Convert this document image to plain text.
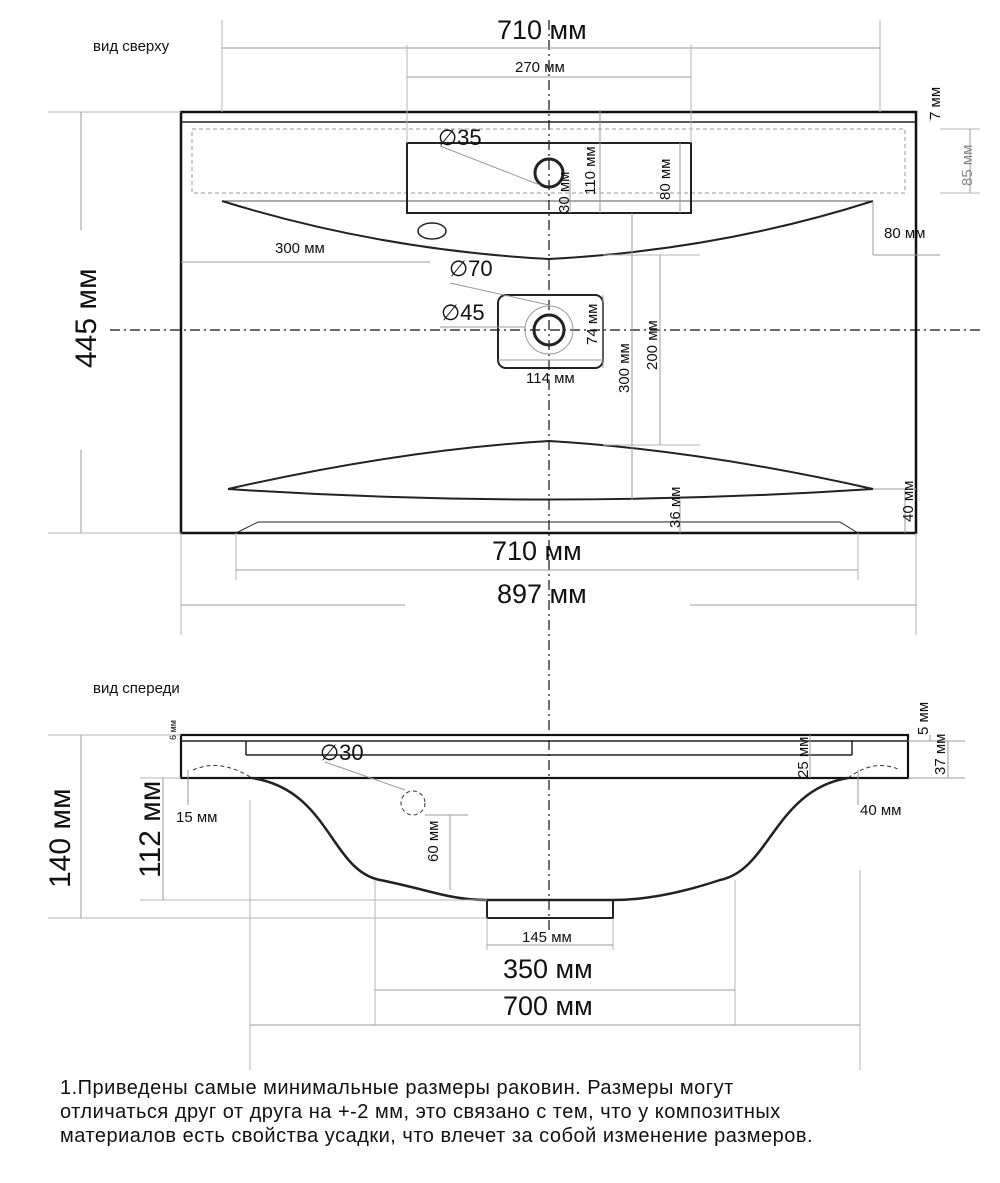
вид сверху
710 мм
270 мм
7 мм
85 мм
110 мм	80 мм
30 мм
80 мм
300 мм
∅35
∅70
∅45	74 мм
114 мм	300 мм 200 мм
445 мм
36 мм	40 мм
710 мм
897 мм
вид спереди
6 мм	5 мм
37 мм
25 мм
∅30
15 мм	40 мм
60 мм
140 мм 112 мм
145 мм
350 мм
700 мм
1.Приведены самые минимальные размеры раковин. Размеры могут
отличаться друг от друга на +-2 мм, это связано с тем, что у композитных
материалов есть свойства усадки, что влечет за собой изменение размеров.
